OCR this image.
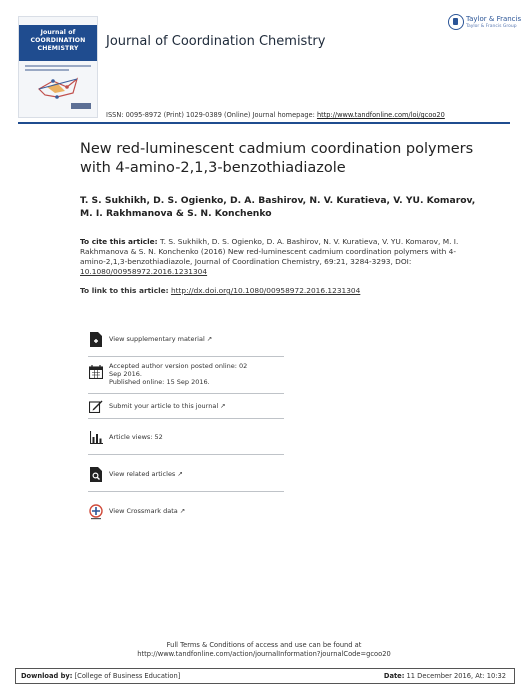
Journal of
COORDINATION
CHEMISTRY	Journal of Coordination Chemistry
Taylor & Francis
Taylor & Francis Group
ISSN: 0095-8972 (Print) 1029-0389 (Online) Journal homepage: http://www.tandfonline.com/loi/gcoo20
New red-luminescent cadmium coordination polymers with 4-amino-2,1,3-benzothiadiazole
T. S. Sukhikh, D. S. Ogienko, D. A. Bashirov, N. V. Kuratieva, V. YU. Komarov, M. I. Rakhmanova & S. N. Konchenko
To cite this article: T. S. Sukhikh, D. S. Ogienko, D. A. Bashirov, N. V. Kuratieva, V. YU. Komarov, M. I. Rakhmanova & S. N. Konchenko (2016) New red-luminescent cadmium coordination polymers with 4-amino-2,1,3-benzothiadiazole, Journal of Coordination Chemistry, 69:21, 3284-3293, DOI: 10.1080/00958972.2016.1231304
To link to this article: http://dx.doi.org/10.1080/00958972.2016.1231304
View supplementary material ↗
Accepted author version posted online: 02
Sep 2016.
Published online: 15 Sep 2016.
Submit your article to this journal ↗
Article views: 52
View related articles ↗
View Crossmark data ↗
Full Terms & Conditions of access and use can be found at
http://www.tandfonline.com/action/journalInformation?journalCode=gcoo20
Download by: [College of Business Education]	Date: 11 December 2016, At: 10:32
